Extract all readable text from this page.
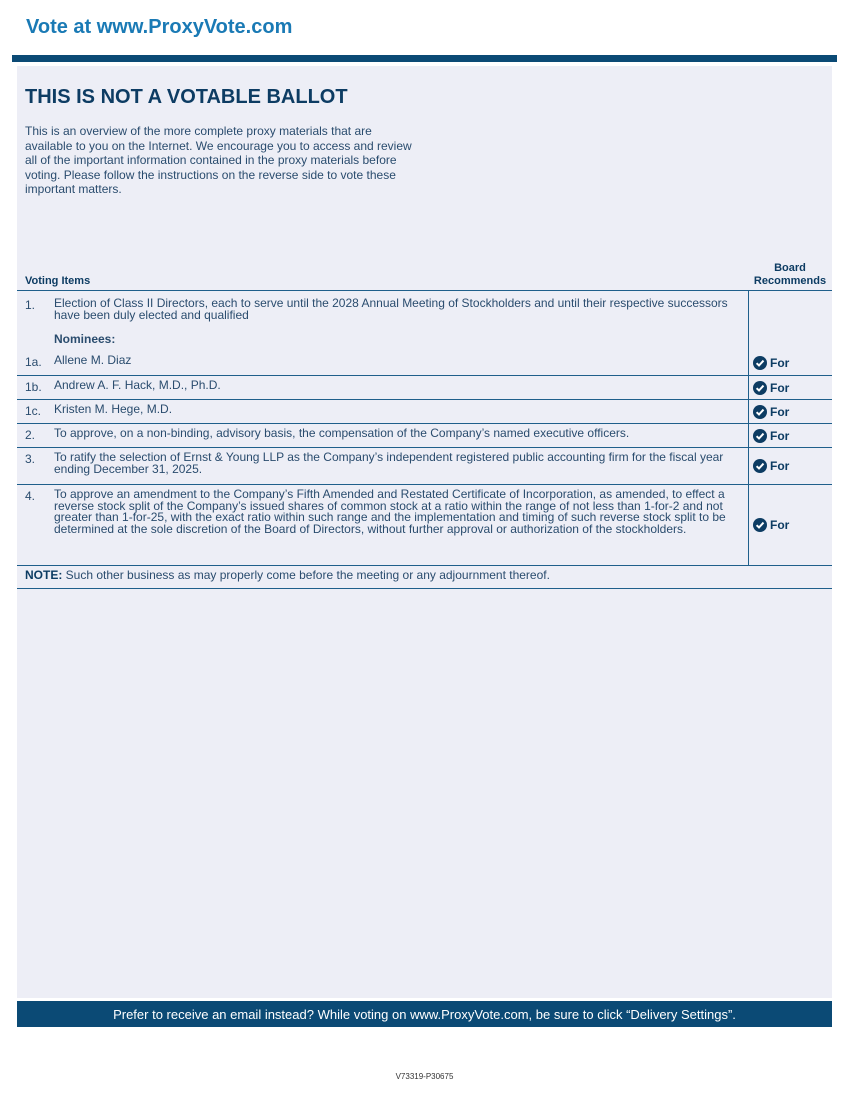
Vote at www.ProxyVote.com
THIS IS NOT A VOTABLE BALLOT

This is an overview of the more complete proxy materials that are available to you on the Internet. We encourage you to access and review all of the important information contained in the proxy materials before voting. Please follow the instructions on the reverse side to vote these important matters.

Voting Items
Board
Recommends
1. Election of Class II Directors, each to serve until the 2028 Annual Meeting of Stockholders and until their respective successors have been duly elected and qualified
Nominees:
1a. Allene M. Diaz	For
1b. Andrew A. F. Hack, M.D., Ph.D.	For
1c. Kristen M. Hege, M.D.	For
2. To approve, on a non-binding, advisory basis, the compensation of the Company’s named executive officers.	For
3. To ratify the selection of Ernst & Young LLP as the Company’s independent registered public accounting firm for the fiscal year ending December 31, 2025.	For
4. To approve an amendment to the Company’s Fifth Amended and Restated Certificate of Incorporation, as amended, to effect a reverse stock split of the Company’s issued shares of common stock at a ratio within the range of not less than 1-for-2 and not greater than 1-for-25, with the exact ratio within such range and the implementation and timing of such reverse stock split to be determined at the sole discretion of the Board of Directors, without further approval or authorization of the stockholders.	For
NOTE: Such other business as may properly come before the meeting or any adjournment thereof.
Prefer to receive an email instead? While voting on www.ProxyVote.com, be sure to click “Delivery Settings”.
V73319-P30675
